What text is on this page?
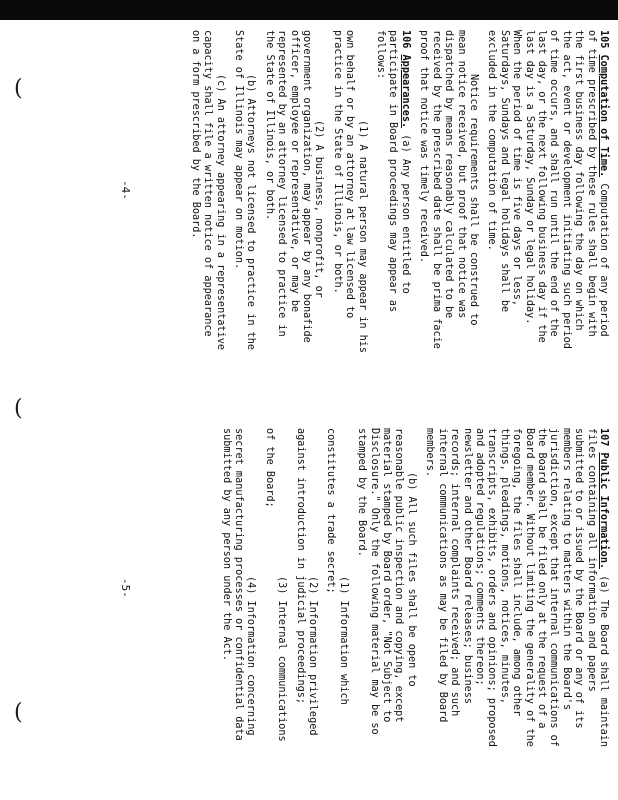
(
(
(

105 Computation of Time. Computation of any period of time prescribed by these rules shall begin with the first business day following the day on which the act, event or development initiating such period of time occurs, and shall run until the end of the last day, or the next following business day if the last day is a Saturday, Sunday or legal holiday. When the period of time is five days or less, Saturdays, Sundays and legal holidays shall be excluded in the computation of time.

Notice requirements shall be construed to mean notice received, but proof that notice was dispatched by means reasonably calculated to be received by the prescribed date shall be prima facie proof that notice was timely received.

106 Appearances. (a) Any person entitled to participate in Board proceedings may appear as follows:

(1) A natural person may appear in his own behalf or by an attorney at law licensed to practice in the State of Illinois, or both.

(2) A business, nonprofit, or government organization, may appear by any bonafide officer, employee or representative, or may be represented by an attorney licensed to practice in the State of Illinois, or both.

(b) Attorneys not licensed to practice in the State of Illinois may appear on motion.

(c) An attorney appearing in a representative capacity shall file a written notice of appearance on a form prescribed by the Board.

-4-

107 Public Information. (a) The Board shall maintain files containing all information and papers submitted to or issued by the Board or any of its members relating to matters within the Board's jurisdiction, except that internal communications of the Board shall be filed only at the request of a Board member. Without limiting the generality of the foregoing, the files shall include, among other things, pleadings, motions, notices, minutes, transcripts, exhibits, orders and opinions; proposed and adopted regulations; comments thereon; newsletter and other Board releases; business records; internal complaints received; and such internal communications as may be filed by Board members.

(b) All such files shall be open to reasonable public inspection and copying, except material stamped by Board order, "Not Subject to Disclosure." Only the following material may be so stamped by the Board.

(1) Information which constitutes a trade secret;

(2) Information privileged against introduction in judicial proceedings;

(3) Internal communications of the Board;

(4) Information concerning secret manufacturing processes or confidential data submitted by any person under the Act.

-5-
